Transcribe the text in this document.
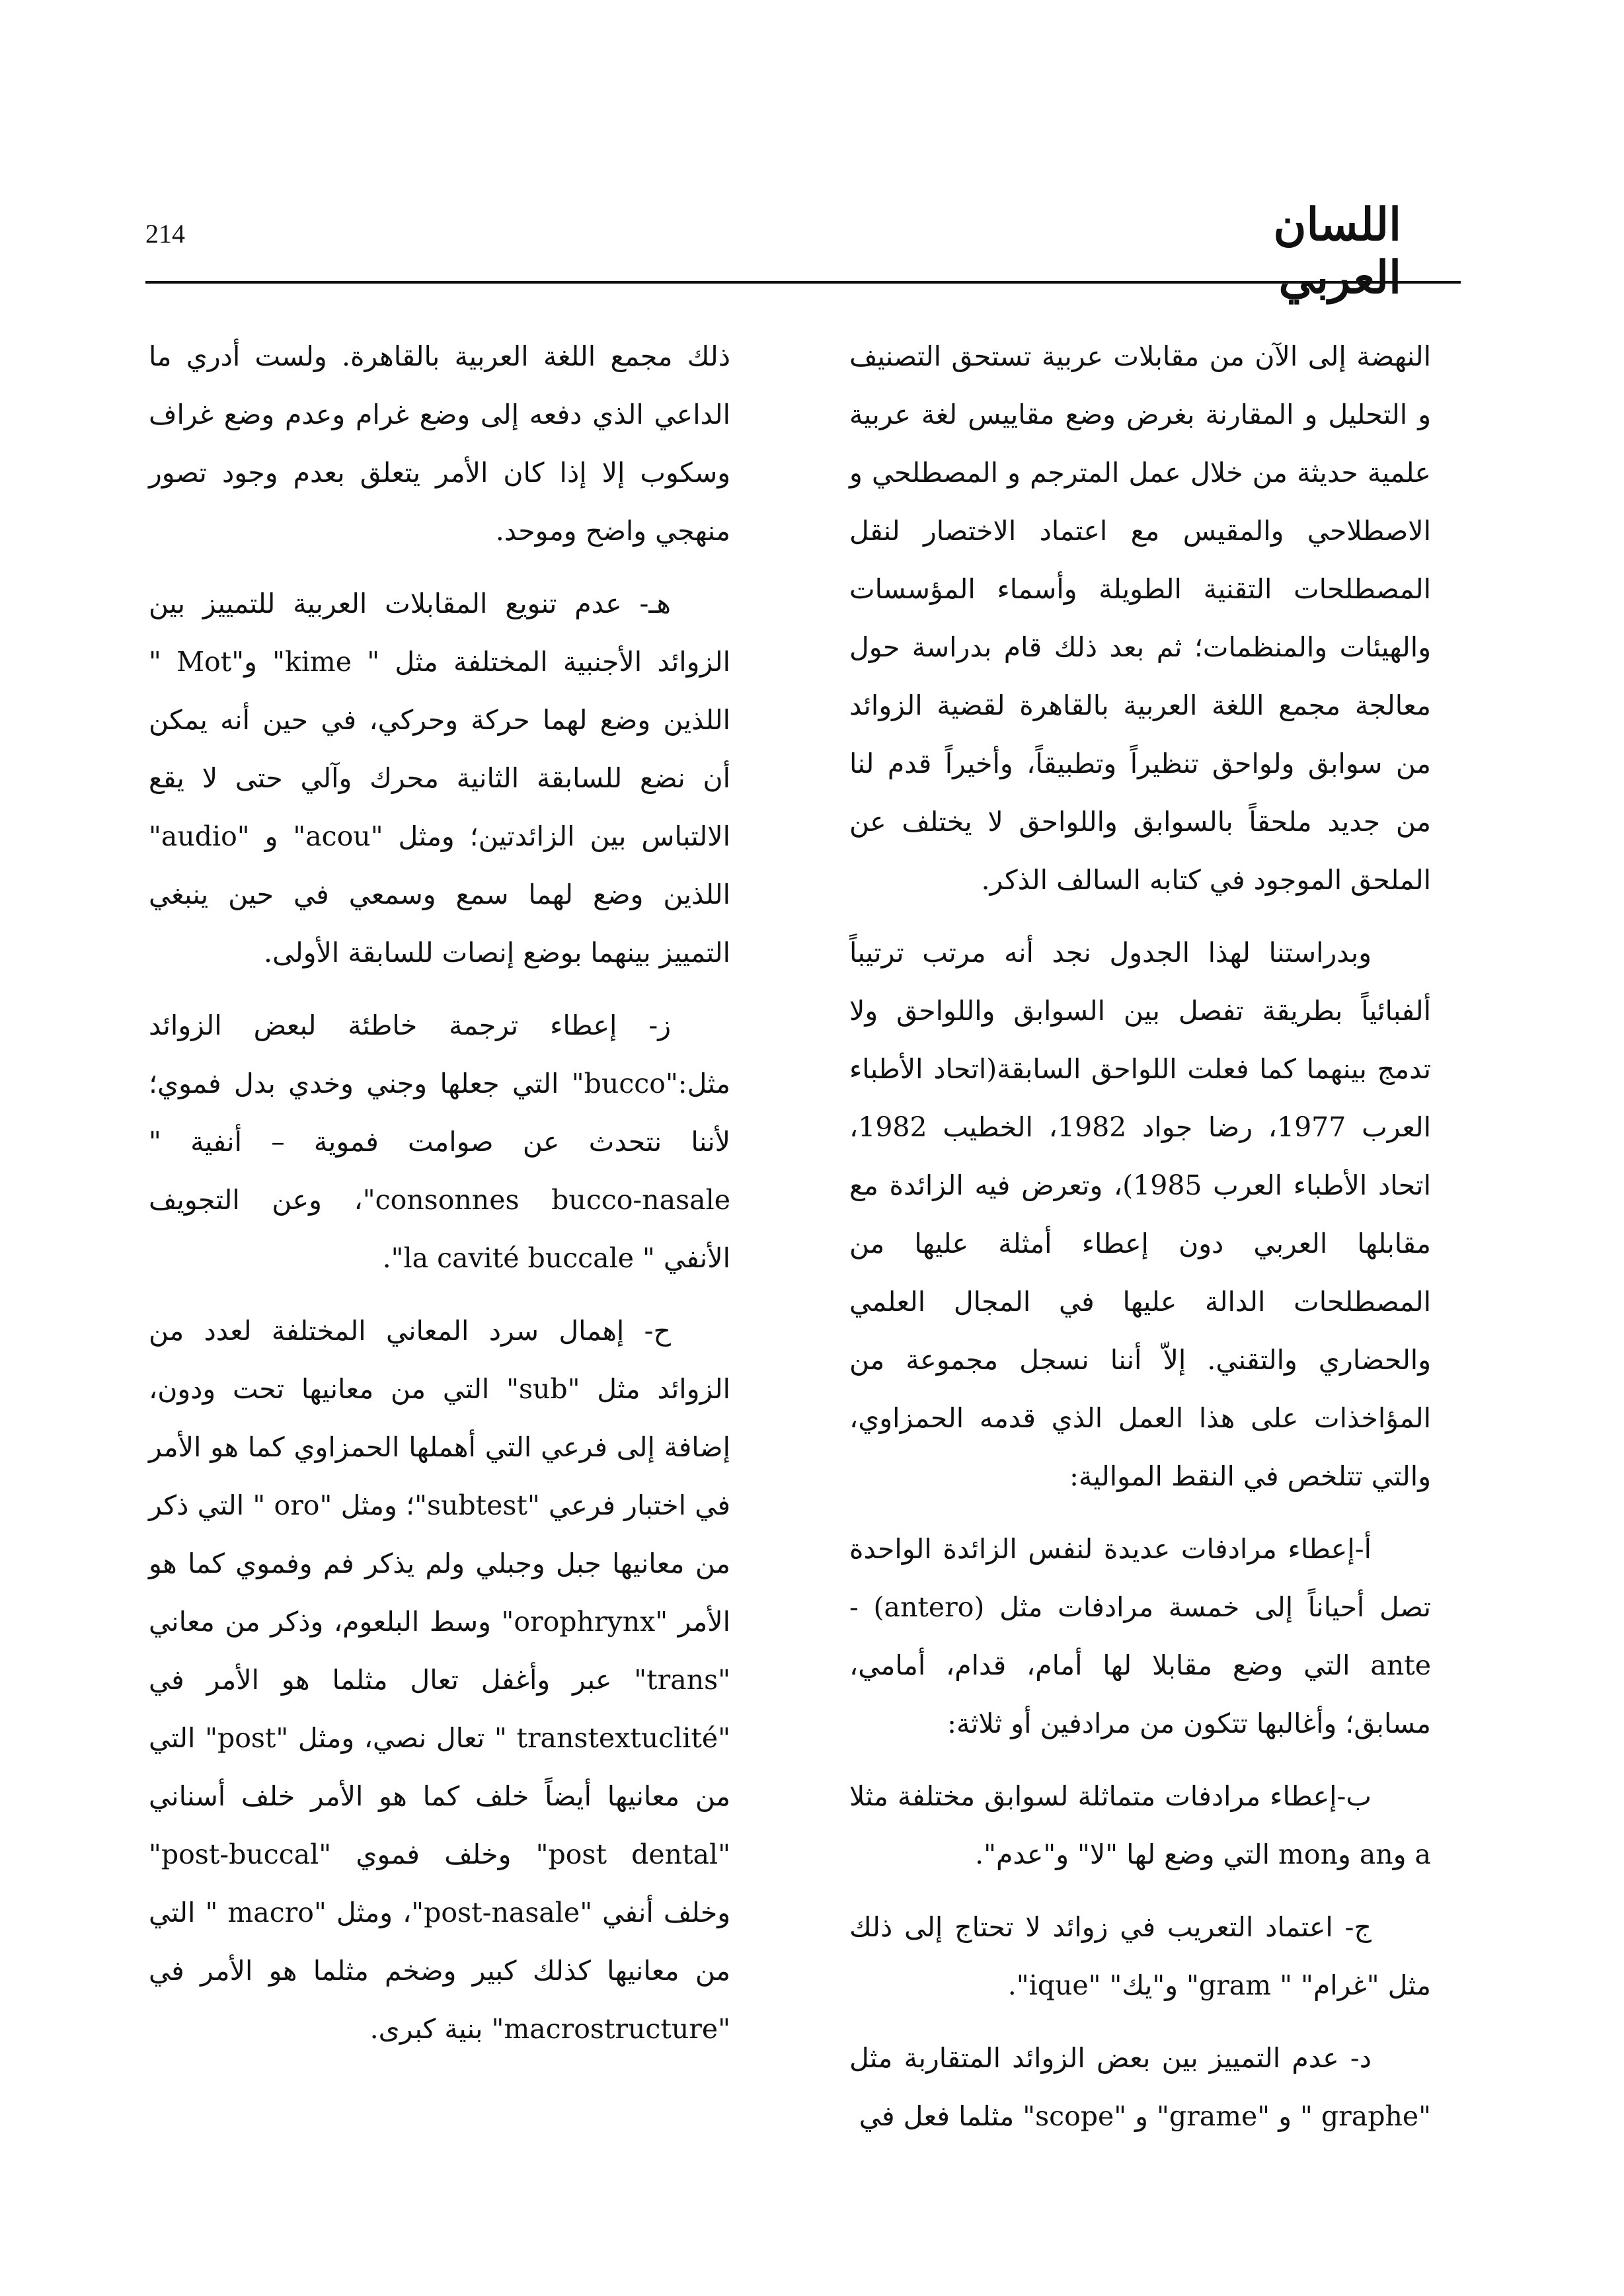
214	اللسان العربي

النهضة إلى الآن من مقابلات عربية تستحق التصنيف و التحليل و المقارنة بغرض وضع مقاييس لغة عربية علمية حديثة من خلال عمل المترجم و المصطلحي و الاصطلاحي والمقيس مع اعتماد الاختصار لنقل المصطلحات التقنية الطويلة وأسماء المؤسسات والهيئات والمنظمات؛ ثم بعد ذلك قام بدراسة حول معالجة مجمع اللغة العربية بالقاهرة لقضية الزوائد من سوابق ولواحق تنظيراً وتطبيقاً، وأخيراً قدم لنا من جديد ملحقاً بالسوابق واللواحق لا يختلف عن الملحق الموجود في كتابه السالف الذكر.

وبدراستنا لهذا الجدول نجد أنه مرتب ترتيباً ألفبائياً بطريقة تفصل بين السوابق واللواحق ولا تدمج بينهما كما فعلت اللواحق السابقة(اتحاد الأطباء العرب 1977، رضا جواد 1982، الخطيب 1982، اتحاد الأطباء العرب 1985)، وتعرض فيه الزائدة مع مقابلها العربي دون إعطاء أمثلة عليها من المصطلحات الدالة عليها في المجال العلمي والحضاري والتقني. إلاّ أننا نسجل مجموعة من المؤاخذات على هذا العمل الذي قدمه الحمزاوي، والتي تتلخص في النقط الموالية:

أ-إعطاء مرادفات عديدة لنفس الزائدة الواحدة تصل أحياناً إلى خمسة مرادفات مثل (antero) -ante التي وضع مقابلا لها أمام، قدام، أمامي، مسابق؛ وأغالبها تتكون من مرادفين أو ثلاثة:

ب-إعطاء مرادفات متماثلة لسوابق مختلفة مثلا a وan وmon التي وضع لها "لا" و"عدم".

ج- اعتماد التعريب في زوائد لا تحتاج إلى ذلك مثل "غرام" " gram" و"يك" "ique".

د- عدم التمييز بين بعض الزوائد المتقاربة مثل "graphe " و "grame" و "scope" مثلما فعل في

ذلك مجمع اللغة العربية بالقاهرة. ولست أدري ما الداعي الذي دفعه إلى وضع غرام وعدم وضع غراف وسكوب إلا إذا كان الأمر يتعلق بعدم وجود تصور منهجي واضح وموحد.

هـ- عدم تنويع المقابلات العربية للتمييز بين الزوائد الأجنبية المختلفة مثل " kime" و"Mot " اللذين وضع لهما حركة وحركي، في حين أنه يمكن أن نضع للسابقة الثانية محرك وآلي حتى لا يقع الالتباس بين الزائدتين؛ ومثل "acou" و "audio" اللذين وضع لهما سمع وسمعي في حين ينبغي التمييز بينهما بوضع إنصات للسابقة الأولى.

ز- إعطاء ترجمة خاطئة لبعض الزوائد مثل:"bucco" التي جعلها وجني وخدي بدل فموي؛ لأننا نتحدث عن صوامت فموية – أنفية " consonnes bucco-nasale"، وعن التجويف الأنفي " la cavité buccale".

ح- إهمال سرد المعاني المختلفة لعدد من الزوائد مثل "sub" التي من معانيها تحت ودون، إضافة إلى فرعي التي أهملها الحمزاوي كما هو الأمر في اختبار فرعي "subtest"؛ ومثل "oro " التي ذكر من معانيها جبل وجبلي ولم يذكر فم وفموي كما هو الأمر "orophrynx" وسط البلعوم، وذكر من معاني "trans" عبر وأغفل تعال مثلما هو الأمر في "transtextuclité " تعال نصي، ومثل "post" التي من معانيها أيضاً خلف كما هو الأمر خلف أسناني "post dental" وخلف فموي "post-buccal" وخلف أنفي "post-nasale"، ومثل "macro " التي من معانيها كذلك كبير وضخم مثلما هو الأمر في "macrostructure" بنية كبرى.
